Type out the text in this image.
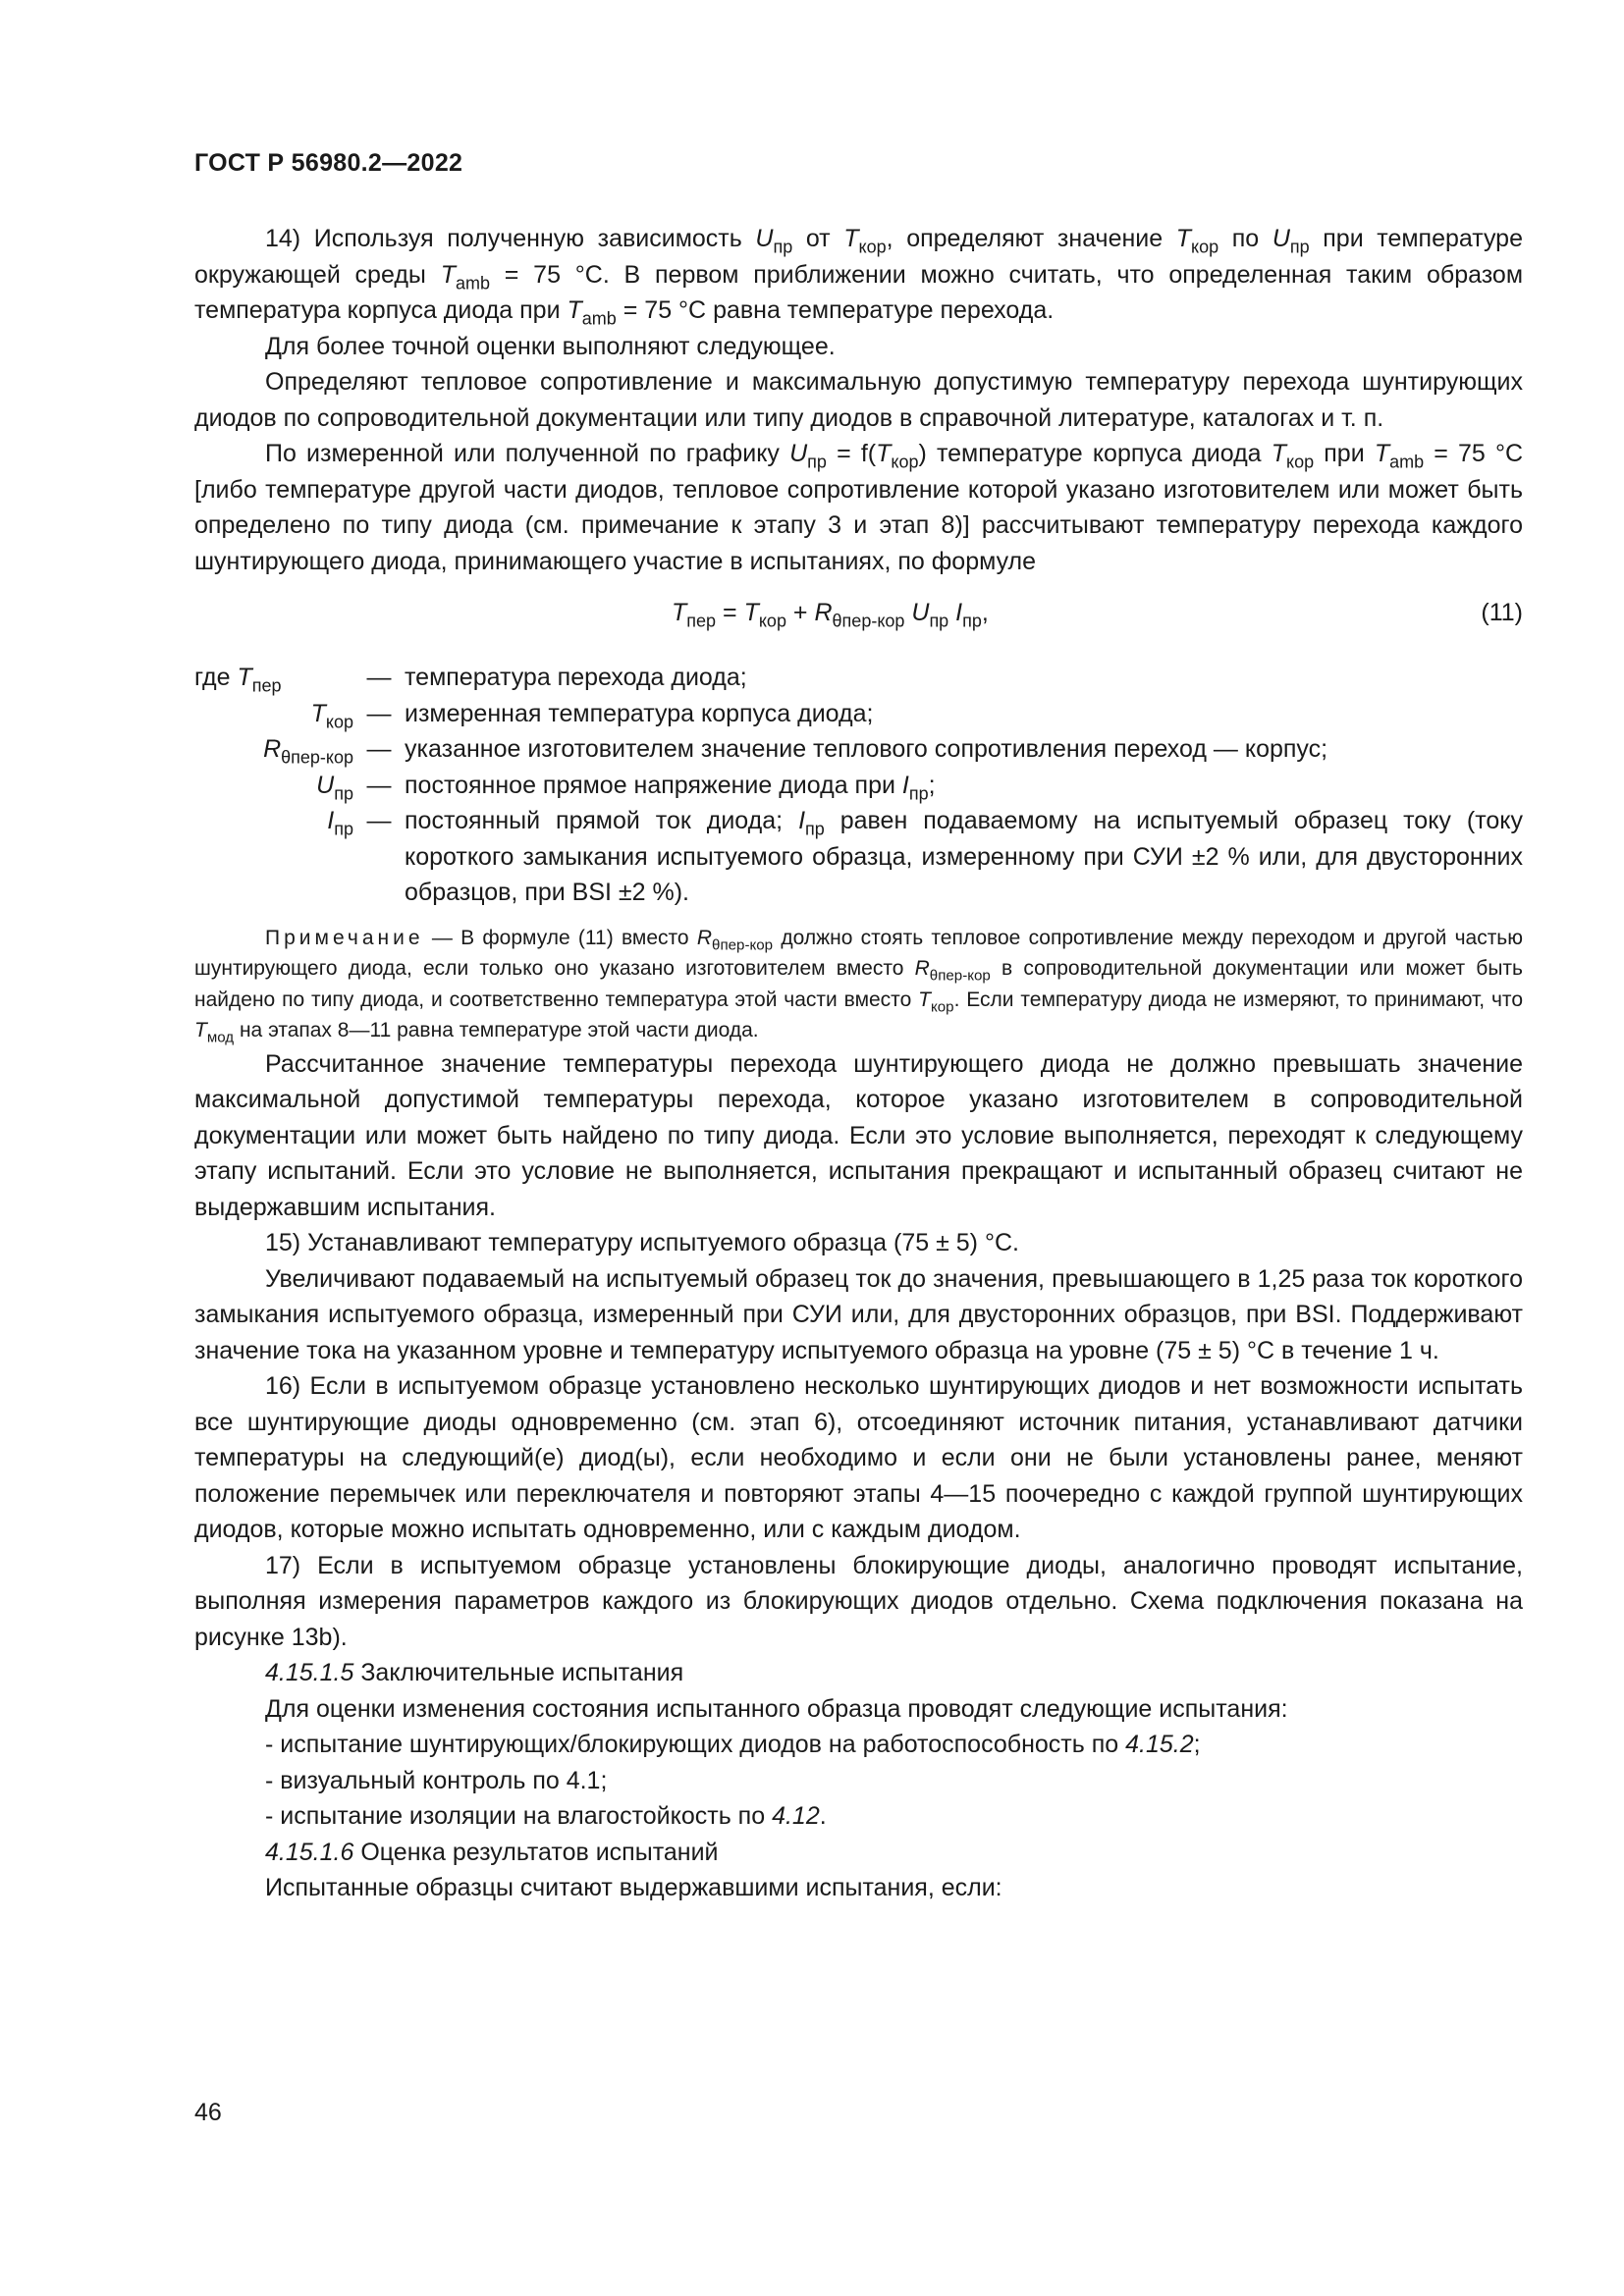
ГОСТ Р 56980.2—2022

14) Используя полученную зависимость $U_{пр}$ от $T_{кор}$, определяют значение $T_{кор}$ по $U_{пр}$ при температуре окружающей среды $T_{amb} = 75$ °C. В первом приближении можно считать, что определенная таким образом температура корпуса диода при $T_{amb} = 75$ °C равна температуре перехода.

Для более точной оценки выполняют следующее.

Определяют тепловое сопротивление и максимальную допустимую температуру перехода шунтирующих диодов по сопроводительной документации или типу диодов в справочной литературе, каталогах и т. п.

По измеренной или полученной по графику $U_{пр} = f(T_{кор})$ температуре корпуса диода $T_{кор}$ при $T_{amb} = 75$ °C [либо температуре другой части диодов, тепловое сопротивление которой указано изготовителем или может быть определено по типу диода (см. примечание к этапу 3 и этап 8)] рассчитывают температуру перехода каждого шунтирующего диода, принимающего участие в испытаниях, по формуле

$T_{пер} = T_{кор} + R_{\theta пер-кор}$ $U_{пр}$ $I_{пр}$,	(11)
где $T_{пер}$	— температура перехода диода;
$T_{кор}$ — измеренная температура корпуса диода;
$R_{\theta пер-кор}$ — указанное изготовителем значение теплового сопротивления переход — корпус;
$U_{пр}$ — постоянное прямое напряжение диода при $I_{пр}$;
$I_{пр}$ — постоянный прямой ток диода; $I_{пр}$ равен подаваемому на испытуемый образец току (току короткого замыкания испытуемого образца, измеренному при СУИ ±2 % или, для двусторонних образцов, при BSI ±2 %).

Примечание — В формуле (11) вместо $R_{\theta пер-кор}$ должно стоять тепловое сопротивление между переходом и другой частью шунтирующего диода, если только оно указано изготовителем вместо $R_{\theta пер-кор}$ в сопроводительной документации или может быть найдено по типу диода, и соответственно температура этой части вместо $T_{кор}$. Если температуру диода не измеряют, то принимают, что $T_{мод}$ на этапах 8—11 равна температуре этой части диода.

Рассчитанное значение температуры перехода шунтирующего диода не должно превышать значение максимальной допустимой температуры перехода, которое указано изготовителем в сопроводительной документации или может быть найдено по типу диода. Если это условие выполняется, переходят к следующему этапу испытаний. Если это условие не выполняется, испытания прекращают и испытанный образец считают не выдержавшим испытания.

15) Устанавливают температуру испытуемого образца (75 ± 5) °C.

Увеличивают подаваемый на испытуемый образец ток до значения, превышающего в 1,25 раза ток короткого замыкания испытуемого образца, измеренный при СУИ или, для двусторонних образцов, при BSI. Поддерживают значение тока на указанном уровне и температуру испытуемого образца на уровне (75 ± 5) °C в течение 1 ч.

16) Если в испытуемом образце установлено несколько шунтирующих диодов и нет возможности испытать все шунтирующие диоды одновременно (см. этап 6), отсоединяют источник питания, устанавливают датчики температуры на следующий(е) диод(ы), если необходимо и если они не были установлены ранее, меняют положение перемычек или переключателя и повторяют этапы 4—15 поочередно с каждой группой шунтирующих диодов, которые можно испытать одновременно, или с каждым диодом.

17) Если в испытуемом образце установлены блокирующие диоды, аналогично проводят испытание, выполняя измерения параметров каждого из блокирующих диодов отдельно. Схема подключения показана на рисунке 13b).

4.15.1.5 Заключительные испытания

Для оценки изменения состояния испытанного образца проводят следующие испытания:

- испытание шунтирующих/блокирующих диодов на работоспособность по 4.15.2;

- визуальный контроль по 4.1;

- испытание изоляции на влагостойкость по 4.12.

4.15.1.6 Оценка результатов испытаний

Испытанные образцы считают выдержавшими испытания, если:

46
